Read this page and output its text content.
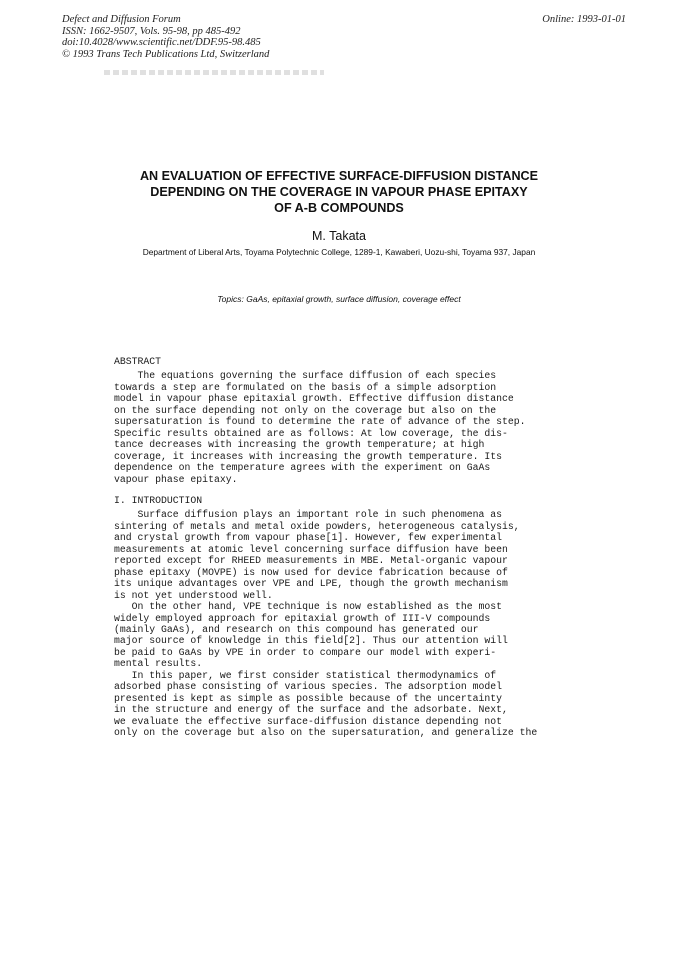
Defect and Diffusion Forum
ISSN: 1662-9507, Vols. 95-98, pp 485-492
doi:10.4028/www.scientific.net/DDF.95-98.485
© 1993 Trans Tech Publications Ltd, Switzerland
Online: 1993-01-01
AN EVALUATION OF EFFECTIVE SURFACE-DIFFUSION DISTANCE
DEPENDING ON THE COVERAGE IN VAPOUR PHASE EPITAXY
OF A-B COMPOUNDS
M. Takata
Department of Liberal Arts, Toyama Polytechnic College, 1289-1, Kawaberi, Uozu-shi, Toyama 937, Japan
Topics: GaAs, epitaxial growth, surface diffusion, coverage effect
ABSTRACT
The equations governing the surface diffusion of each species
towards a step are formulated on the basis of a simple adsorption
model in vapour phase epitaxial growth. Effective diffusion distance
on the surface depending not only on the coverage but also on the
supersaturation is found to determine the rate of advance of the step.
Specific results obtained are as follows: At low coverage, the dis-
tance decreases with increasing the growth temperature; at high
coverage, it increases with increasing the growth temperature. Its
dependence on the temperature agrees with the experiment on GaAs
vapour phase epitaxy.
I. INTRODUCTION
Surface diffusion plays an important role in such phenomena as
sintering of metals and metal oxide powders, heterogeneous catalysis,
and crystal growth from vapour phase[1]. However, few experimental
measurements at atomic level concerning surface diffusion have been
reported except for RHEED measurements in MBE. Metal-organic vapour
phase epitaxy (MOVPE) is now used for device fabrication because of
its unique advantages over VPE and LPE, though the growth mechanism
is not yet understood well.
On the other hand, VPE technique is now established as the most
widely employed approach for epitaxial growth of III-V compounds
(mainly GaAs), and research on this compound has generated our
major source of knowledge in this field[2]. Thus our attention will
be paid to GaAs by VPE in order to compare our model with experi-
mental results.
In this paper, we first consider statistical thermodynamics of
adsorbed phase consisting of various species. The adsorption model
presented is kept as simple as possible because of the uncertainty
in the structure and energy of the surface and the adsorbate. Next,
we evaluate the effective surface-diffusion distance depending not
only on the coverage but also on the supersaturation, and generalize the
